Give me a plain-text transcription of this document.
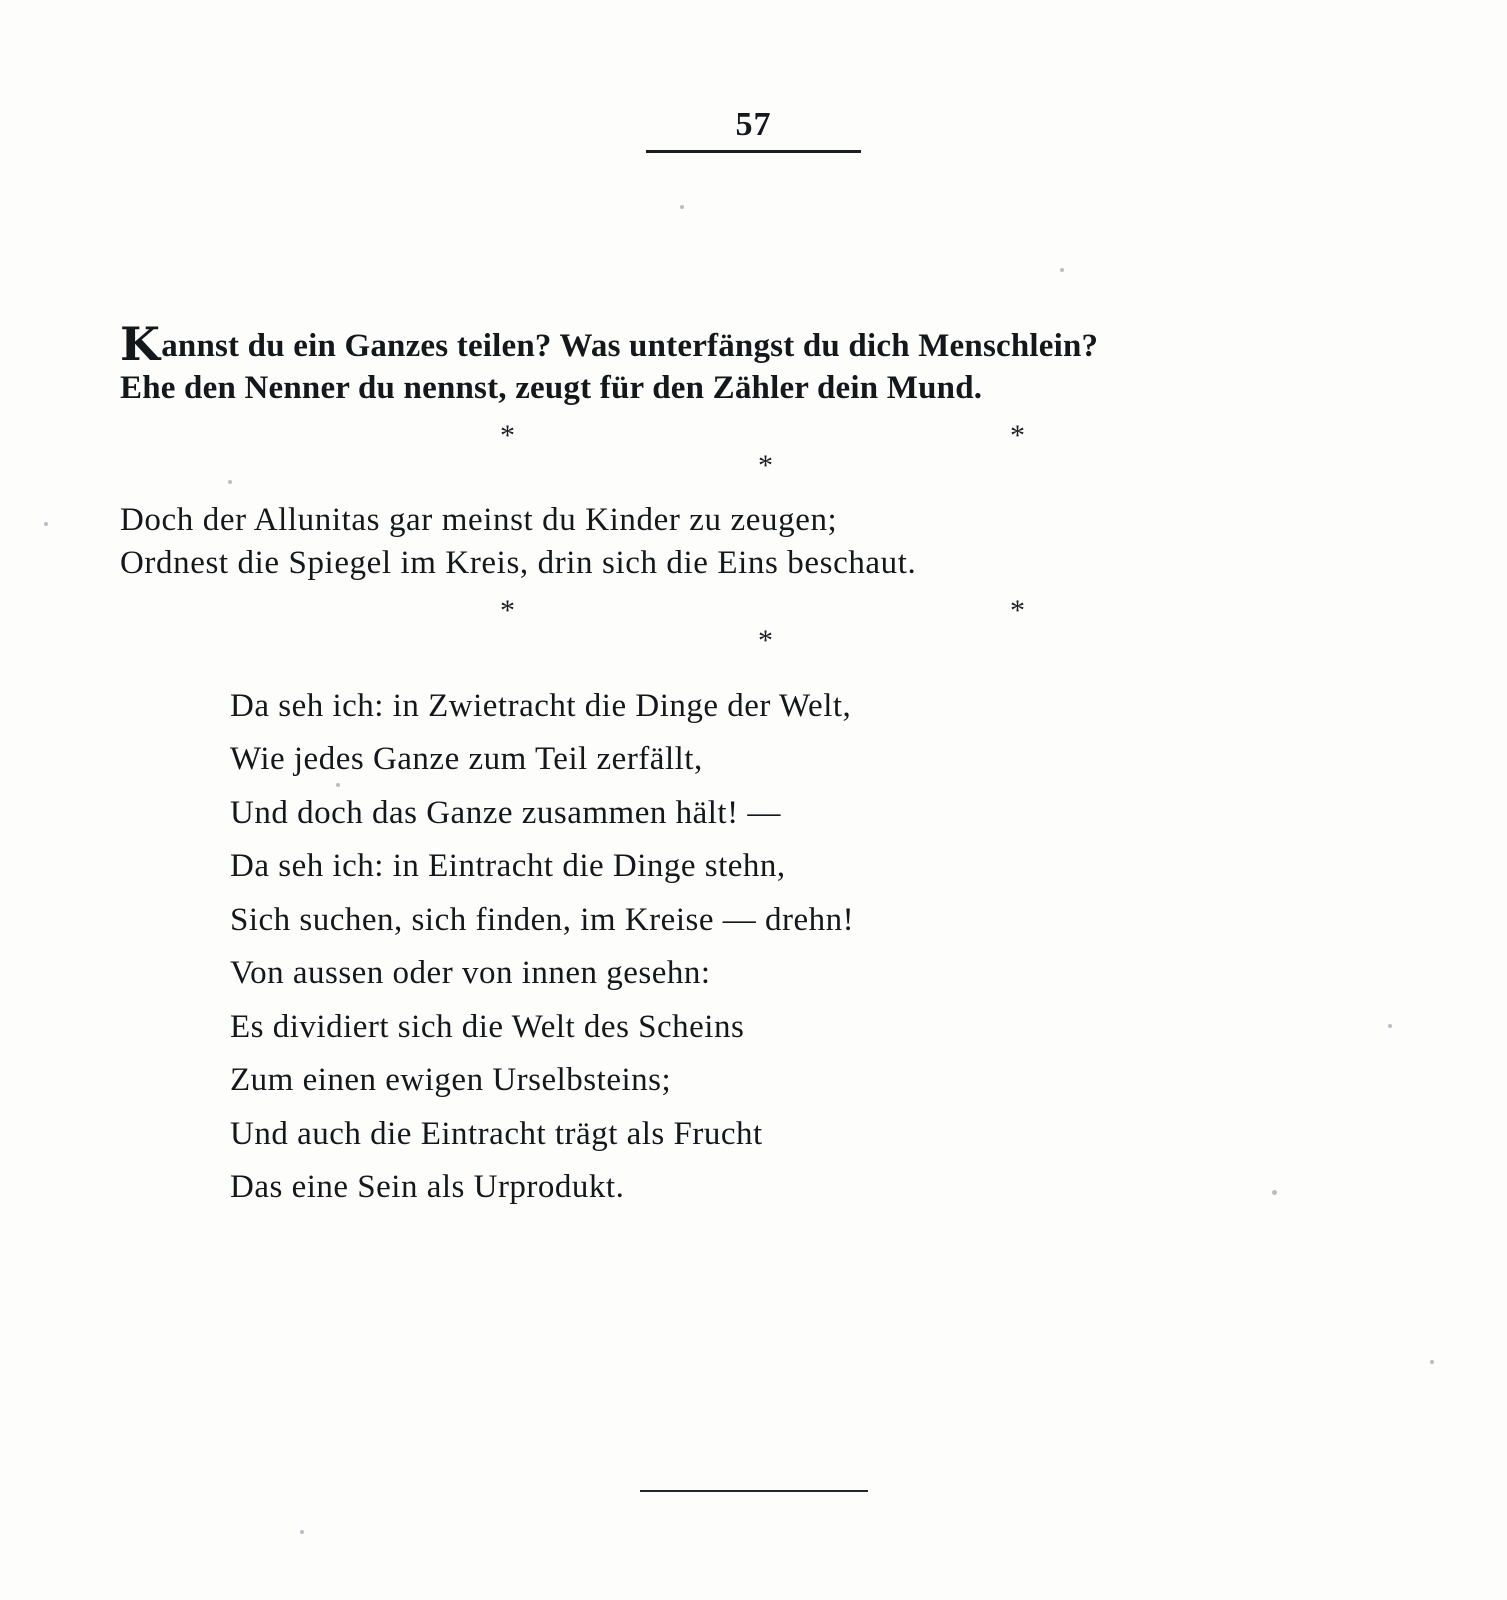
57
Kannst du ein Ganzes teilen? Was unterfängst du dich Menschlein?
Ehe den Nenner du nennst, zeugt für den Zähler dein Mund.
*
*
*
Doch der Allunitas gar meinst du Kinder zu zeugen;
Ordnest die Spiegel im Kreis, drin sich die Eins beschaut.
*
*
*
Da seh ich: in Zwietracht die Dinge der Welt,
Wie jedes Ganze zum Teil zerfällt,
Und doch das Ganze zusammen hält! —
Da seh ich: in Eintracht die Dinge stehn,
Sich suchen, sich finden, im Kreise — drehn!
Von aussen oder von innen gesehn:
Es dividiert sich die Welt des Scheins
Zum einen ewigen Urselbsteins;
Und auch die Eintracht trägt als Frucht
Das eine Sein als Urprodukt.
